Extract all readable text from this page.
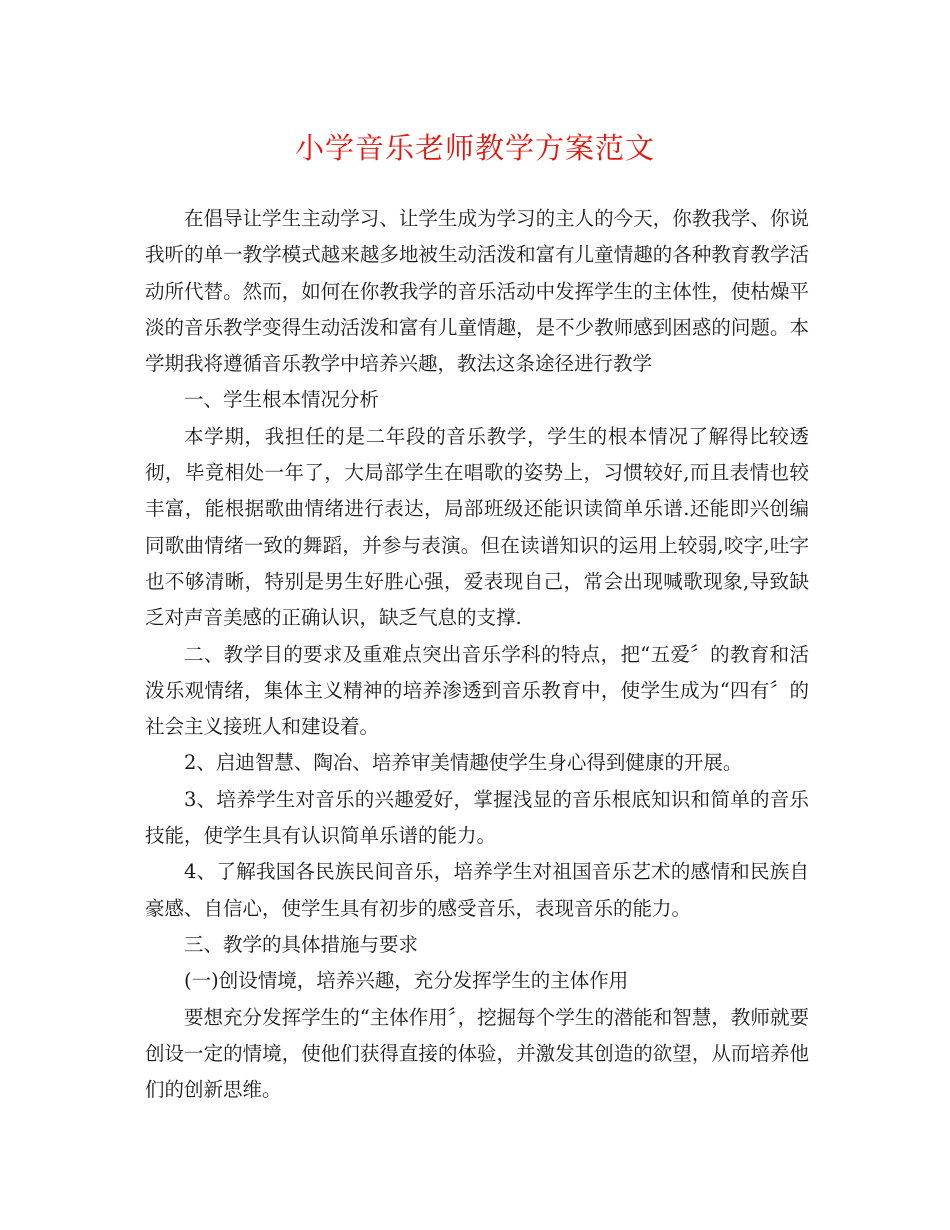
小学音乐老师教学方案范文

在倡导让学生主动学习、让学生成为学习的主人的今天，你教我学、你说我听的单一教学模式越来越多地被生动活泼和富有儿童情趣的各种教育教学活动所代替。然而，如何在你教我学的音乐活动中发挥学生的主体性，使枯燥平淡的音乐教学变得生动活泼和富有儿童情趣，是不少教师感到困惑的问题。本学期我将遵循音乐教学中培养兴趣，教法这条途径进行教学

一、学生根本情况分析

本学期，我担任的是二年段的音乐教学，学生的根本情况了解得比较透彻，毕竟相处一年了，大局部学生在唱歌的姿势上，习惯较好,而且表情也较丰富，能根据歌曲情绪进行表达，局部班级还能识读简单乐谱.还能即兴创编同歌曲情绪一致的舞蹈，并参与表演。但在读谱知识的运用上较弱,咬字,吐字也不够清晰，特别是男生好胜心强，爱表现自己，常会出现喊歌现象,导致缺乏对声音美感的正确认识，缺乏气息的支撑.

二、教学目的要求及重难点突出音乐学科的特点，把“五爱〞的教育和活泼乐观情绪，集体主义精神的培养渗透到音乐教育中，使学生成为“四有〞的社会主义接班人和建设着。

2、启迪智慧、陶冶、培养审美情趣使学生身心得到健康的开展。

3、培养学生对音乐的兴趣爱好，掌握浅显的音乐根底知识和简单的音乐技能，使学生具有认识简单乐谱的能力。

4、了解我国各民族民间音乐，培养学生对祖国音乐艺术的感情和民族自豪感、自信心，使学生具有初步的感受音乐，表现音乐的能力。

三、教学的具体措施与要求

(一)创设情境，培养兴趣，充分发挥学生的主体作用

要想充分发挥学生的“主体作用〞，挖掘每个学生的潜能和智慧，教师就要创设一定的情境，使他们获得直接的体验，并激发其创造的欲望，从而培养他们的创新思维。
